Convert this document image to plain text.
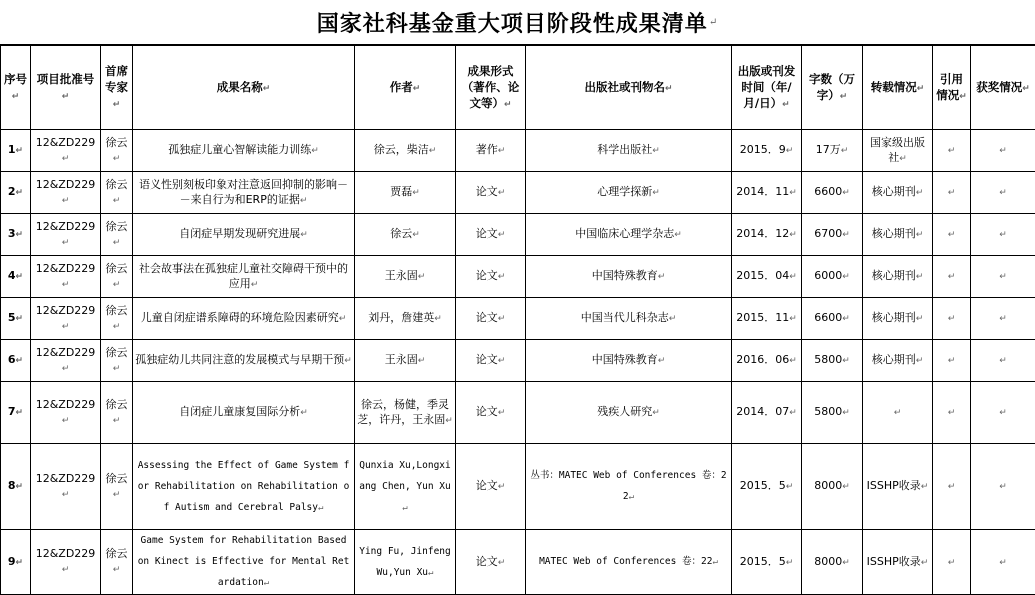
国家社科基金重大项目阶段性成果清单 ↵
序号↵	项目批准号↵	首席专家↵	成果名称↵	作者↵	成果形式（著作、论文等）↵	出版社或刊物名↵	出版或刊发时间（年/月/日）↵	字数（万字）↵	转载情况↵	引用情况↵	获奖情况↵
1↵	12&ZD229↵	徐云↵	孤独症儿童心智解读能力训练↵	徐云，柴洁↵	著作↵	科学出版社↵	2015．9↵	17万↵	国家级出版社↵	↵	↵
2↵	12&ZD229↵	徐云↵	语义性别刻板印象对注意返回抑制的影响－－来自行为和ERP的证据↵	贾磊↵	论文↵	心理学探新↵	2014．11↵	6600↵	核心期刊↵	↵	↵
3↵	12&ZD229↵	徐云↵	自闭症早期发现研究进展↵	徐云↵	论文↵	中国临床心理学杂志↵	2014．12↵	6700↵	核心期刊↵	↵	↵
4↵	12&ZD229↵	徐云↵	社会故事法在孤独症儿童社交障碍干预中的应用↵	王永固↵	论文↵	中国特殊教育↵	2015．04↵	6000↵	核心期刊↵	↵	↵
5↵	12&ZD229↵	徐云↵	儿童自闭症谱系障碍的环境危险因素研究↵	刘丹，詹建英↵	论文↵	中国当代儿科杂志↵	2015．11↵	6600↵	核心期刊↵	↵	↵
6↵	12&ZD229↵	徐云↵	孤独症幼儿共同注意的发展模式与早期干预↵	王永固↵	论文↵	中国特殊教育↵	2016．06↵	5800↵	核心期刊↵	↵	↵
7↵	12&ZD229↵	徐云↵	自闭症儿童康复国际分析↵	徐云，杨健，季灵芝，许丹，王永固↵	论文↵	残疾人研究↵	2014．07↵	5800↵	↵	↵	↵
8↵	12&ZD229↵	徐云↵	Assessing the Effect of Game System for Rehabilitation on Rehabilitation of Autism and Cerebral Palsy↵	Qunxia Xu,Longxiang Chen, Yun Xu↵	论文↵	丛书：MATEC Web of Conferences 卷：22↵	2015．5↵	8000↵	ISSHP收录↵	↵	↵
9↵	12&ZD229↵	徐云↵	Game System for Rehabilitation Based on Kinect is Effective for Mental Retardation↵	Ying Fu, Jinfeng Wu,Yun Xu↵	论文↵	MATEC Web of Conferences 卷：22↵	2015．5↵	8000↵	ISSHP收录↵	↵	↵
